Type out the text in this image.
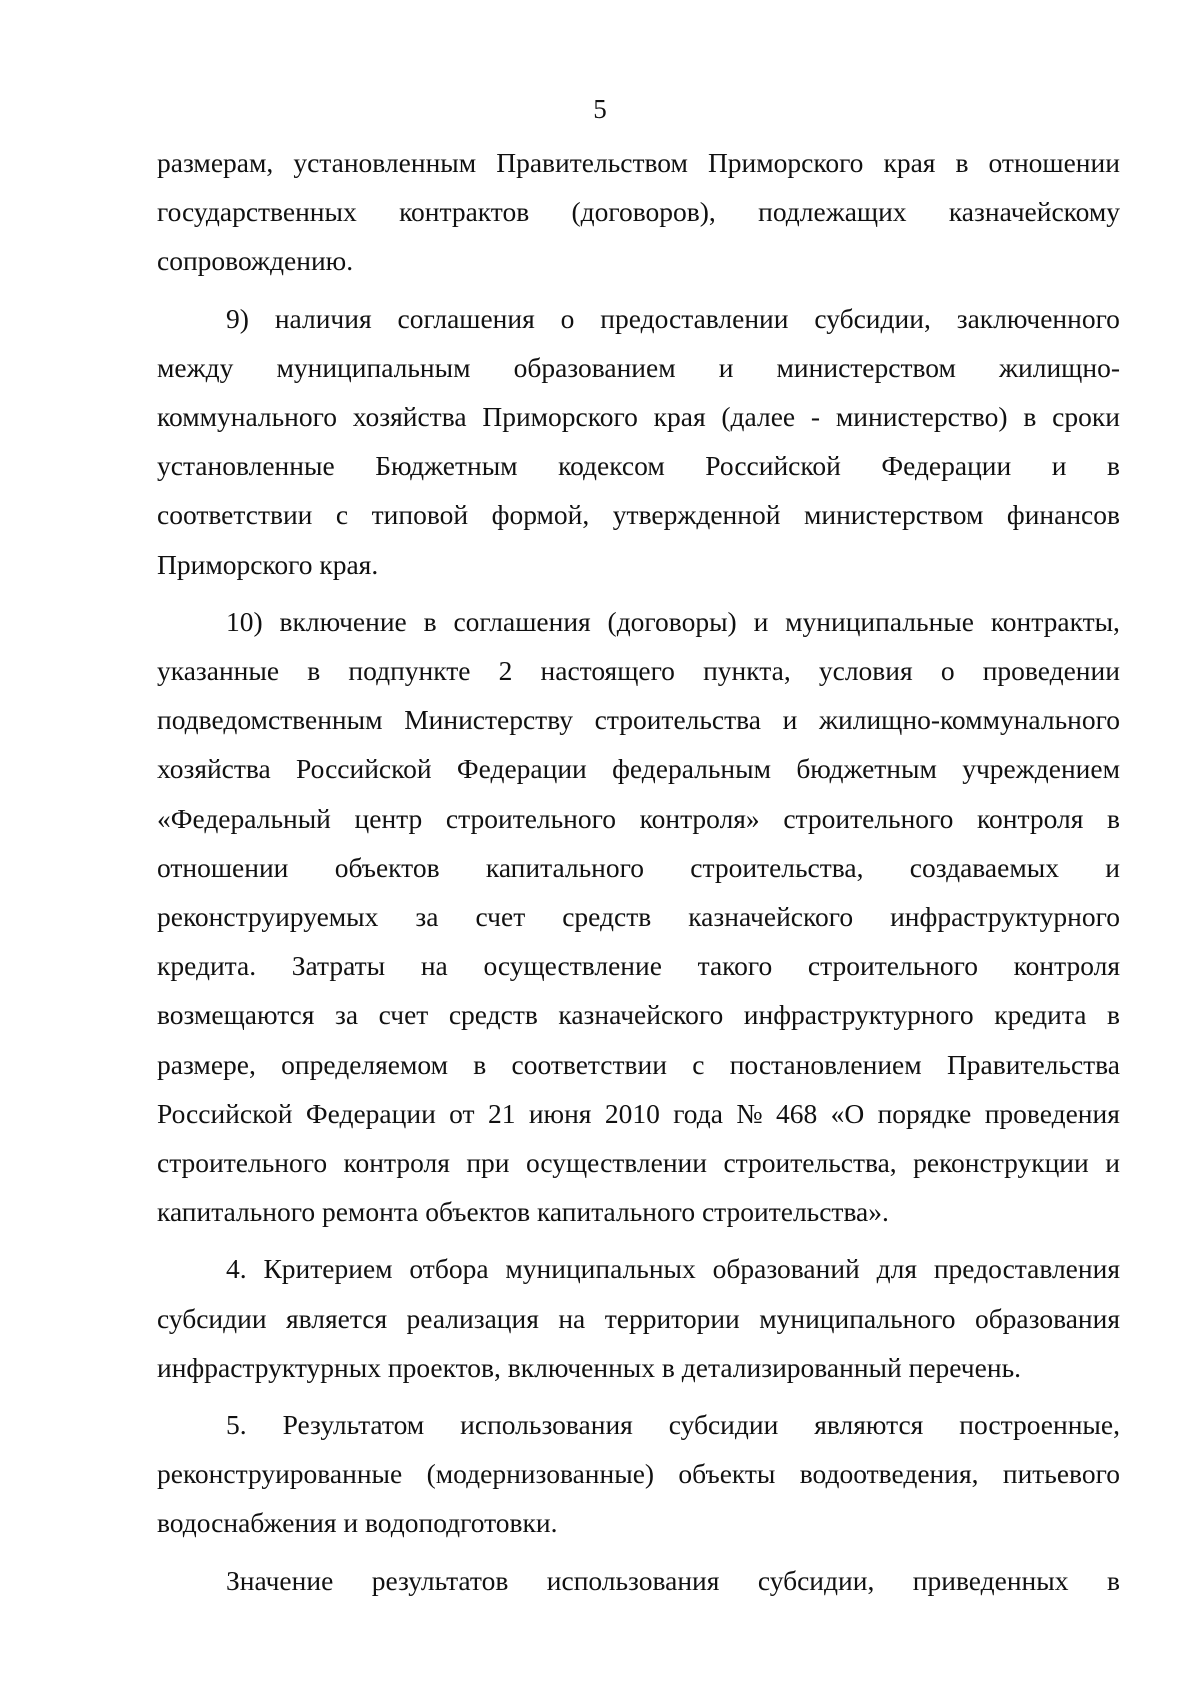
5

размерам, установленным Правительством Приморского края в отношении
государственных контрактов (договоров), подлежащих казначейскому
сопровождению.

9) наличия соглашения о предоставлении субсидии, заключенного
между муниципальным образованием и министерством жилищно-
коммунального хозяйства Приморского края (далее - министерство) в сроки
установленные Бюджетным кодексом Российской Федерации и в
соответствии с типовой формой, утвержденной министерством финансов
Приморского края.

10) включение в соглашения (договоры) и муниципальные контракты,
указанные в подпункте 2 настоящего пункта, условия о проведении
подведомственным Министерству строительства и жилищно-коммунального
хозяйства Российской Федерации федеральным бюджетным учреждением
«Федеральный центр строительного контроля» строительного контроля в
отношении объектов капитального строительства, создаваемых и
реконструируемых за счет средств казначейского инфраструктурного
кредита. Затраты на осуществление такого строительного контроля
возмещаются за счет средств казначейского инфраструктурного кредита в
размере, определяемом в соответствии с постановлением Правительства
Российской Федерации от 21 июня 2010 года № 468 «О порядке проведения
строительного контроля при осуществлении строительства, реконструкции и
капитального ремонта объектов капитального строительства».

4. Критерием отбора муниципальных образований для предоставления
субсидии является реализация на территории муниципального образования
инфраструктурных проектов, включенных в детализированный перечень.

5. Результатом использования субсидии являются построенные,
реконструированные (модернизованные) объекты водоотведения, питьевого
водоснабжения и водоподготовки.

Значение результатов использования субсидии, приведенных в
